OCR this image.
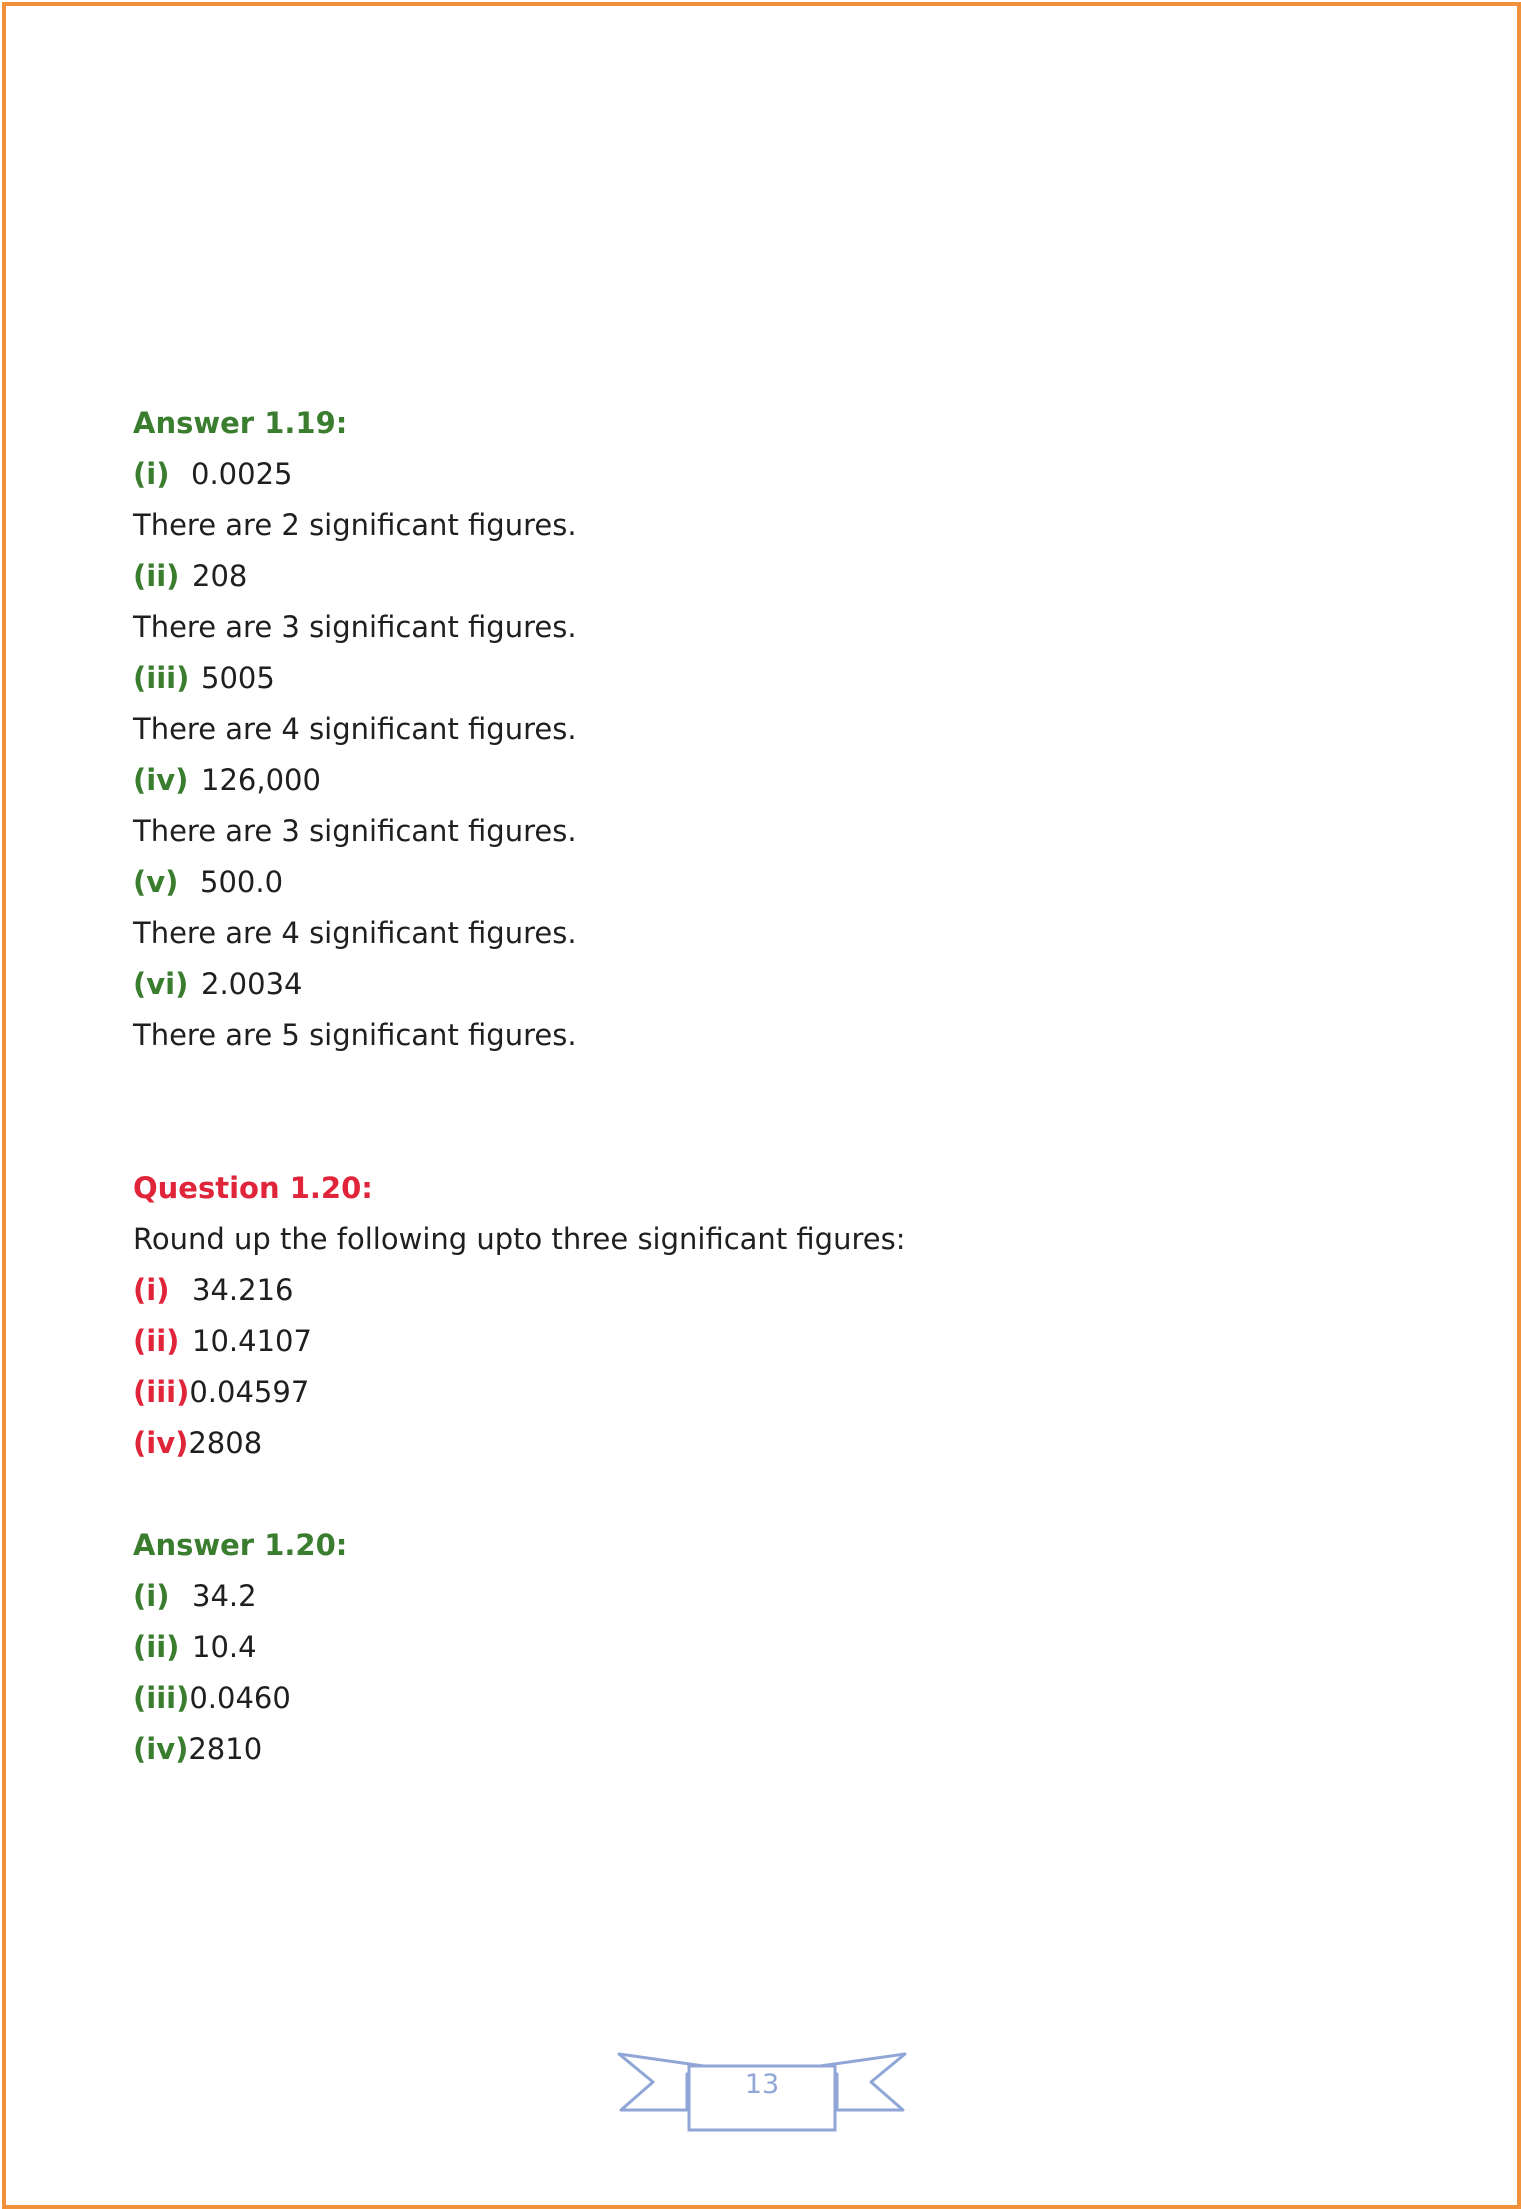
Answer 1.19:
(i) 0.0025
There are 2 significant figures.
(ii) 208
There are 3 significant figures.
(iii) 5005
There are 4 significant figures.
(iv) 126,000
There are 3 significant figures.
(v) 500.0
There are 4 significant figures.
(vi) 2.0034
There are 5 significant figures.
Question 1.20:
Round up the following upto three significant figures:
(i) 34.216
(ii) 10.4107
(iii)0.04597
(iv)2808
Answer 1.20:
(i) 34.2
(ii) 10.4
(iii)0.0460
(iv)2810
13
